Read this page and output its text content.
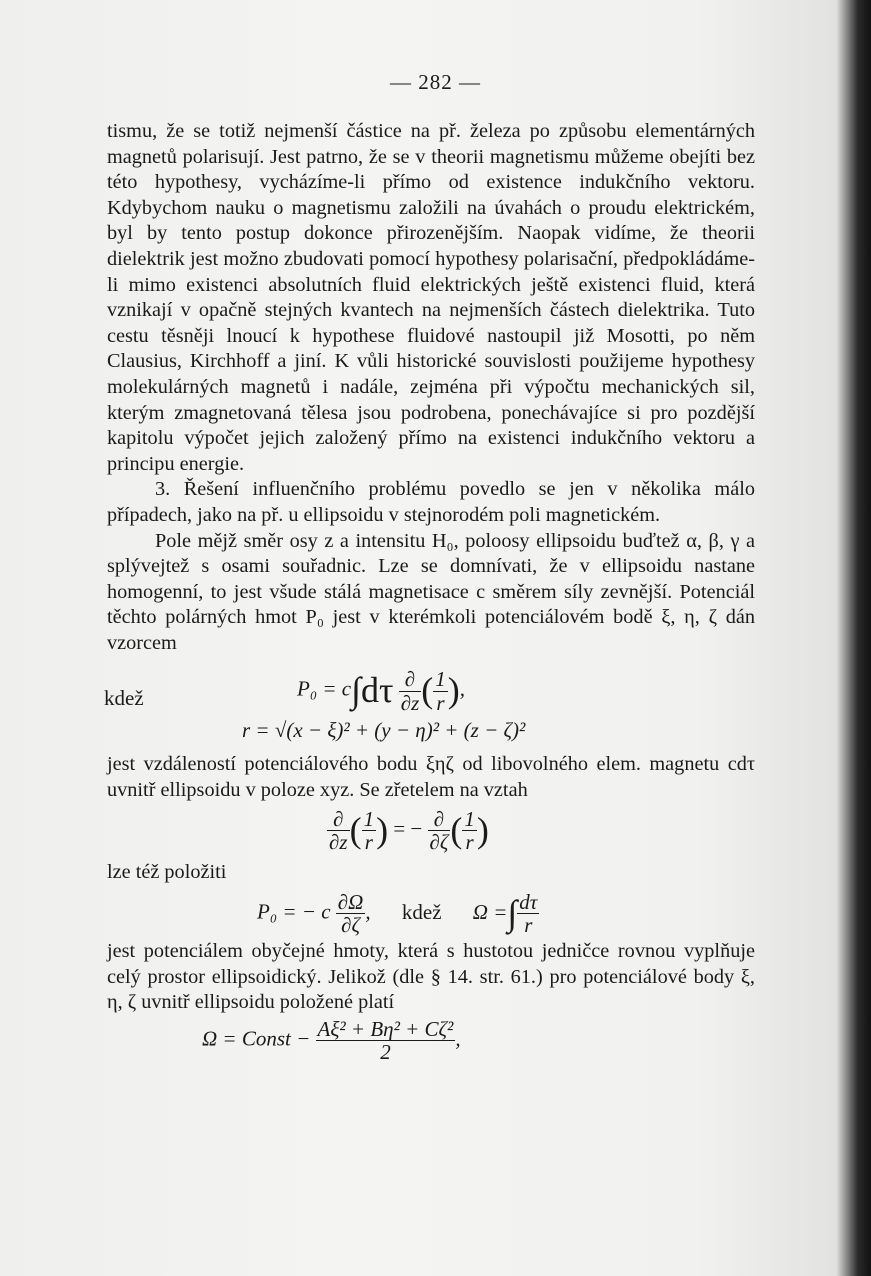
— 282 —

tismu, že se totiž nejmenší částice na př. železa po způsobu elementárných magnetů polarisují. Jest patrno, že se v theorii magnetismu můžeme obejíti bez této hypothesy, vycházíme-li přímo od existence indukčního vektoru. Kdybychom nauku o magnetismu založili na úvahách o proudu elektrickém, byl by tento postup dokonce přirozenějším. Naopak vidíme, že theorii dielektrik jest možno zbudovati pomocí hypothesy polarisační, předpokládáme-li mimo existenci absolutních fluid elektrických ještě existenci fluid, která vznikají v opačně stejných kvantech na nejmenších částech dielektrika. Tuto cestu těsněji lnoucí k hypothese fluidové nastoupil již Mosotti, po něm Clausius, Kirchhoff a jiní. K vůli historické souvislosti použijeme hypothesy molekulárných magnetů i nadále, zejména při výpočtu mechanických sil, kterým zmagnetovaná tělesa jsou podrobena, ponechávajíce si pro pozdější kapitolu výpočet jejich založený přímo na existenci indukčního vektoru a principu energie.

3. Řešení influenčního problému povedlo se jen v několika málo případech, jako na př. u ellipsoidu v stejnorodém poli magnetickém.

Pole mějž směr osy z a intensitu H₀, poloosy ellipsoidu buďtež α, β, γ a splývejtež s osami souřadnic. Lze se domnívati, že v ellipsoidu nastane homogenní, to jest všude stálá magnetisace c směrem síly zevnější. Potenciál těchto polárných hmot P₀ jest v kterémkoli potenciálovém bodě ξ, η, ζ dán vzorcem

$P_0 = c\int d\tau \frac{\partial}{\partial z}$ ( $\frac{1}{r}$ ),
kdež
r = √(x − ξ)² + (y − η)² + (z − ζ)²

jest vzdáleností potenciálového bodu ξηζ od libovolného elem. magnetu cdτ uvnitř ellipsoidu v poloze xyz. Se zřetelem na vztah

$\frac{\partial}{\partial z}$ ( $\frac{1}{r}$ ) = − $\frac{\partial}{\partial\zeta}$ ( $\frac{1}{r}$ )

lze též položiti

P₀ = − c $\frac{\partial\Omega}{\partial\zeta}$ , kdež Ω =∫ $\frac{d\tau}{r}$

jest potenciálem obyčejné hmoty, která s hustotou jedničce rovnou vyplňuje celý prostor ellipsoidický. Jelikož (dle § 14. str. 61.) pro potenciálové body ξ, η, ζ uvnitř ellipsoidu položené platí

Ω = Const − $\frac{\text{Aξ² + Bη² + Cζ²}}{2}$ ,
